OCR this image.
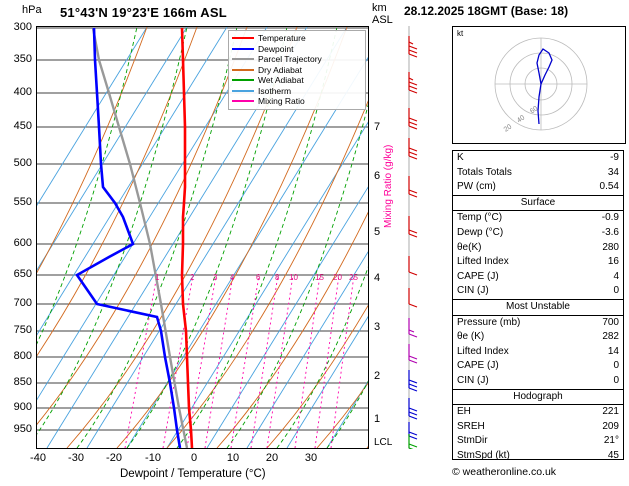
hPa 51°43'N 19°23'E 166m ASL	km
ASL
28.12.2025 18GMT (Base: 18)
1	2 3 4	6 8 10 15 20 25
300
350
400
450
500
550
600
650
700
750
800
850
900
950
-40	-30	-20	-10	0	10	20	30
Dewpoint / Temperature (°C)
7
6
5
4
3
2
1
LCL
Mixing Ratio (g/kg)
Temperature
Dewpoint
Parcel Trajectory
Dry Adiabat
Wet Adiabat
Isotherm
Mixing Ratio
kt
20
40
60
K	-9
Totals Totals	34
PW (cm)	0.54
Surface
Temp (°C)	-0.9
Dewp (°C)	-3.6
θe(K)	280
Lifted Index	16
CAPE (J)	4
CIN (J)	0
Most Unstable
Pressure (mb)	700
θe (K)	282
Lifted Index	14
CAPE (J)	0
CIN (J)	0
Hodograph
EH	221
SREH	209
StmDir	21°
StmSpd (kt)	45
© weatheronline.co.uk
